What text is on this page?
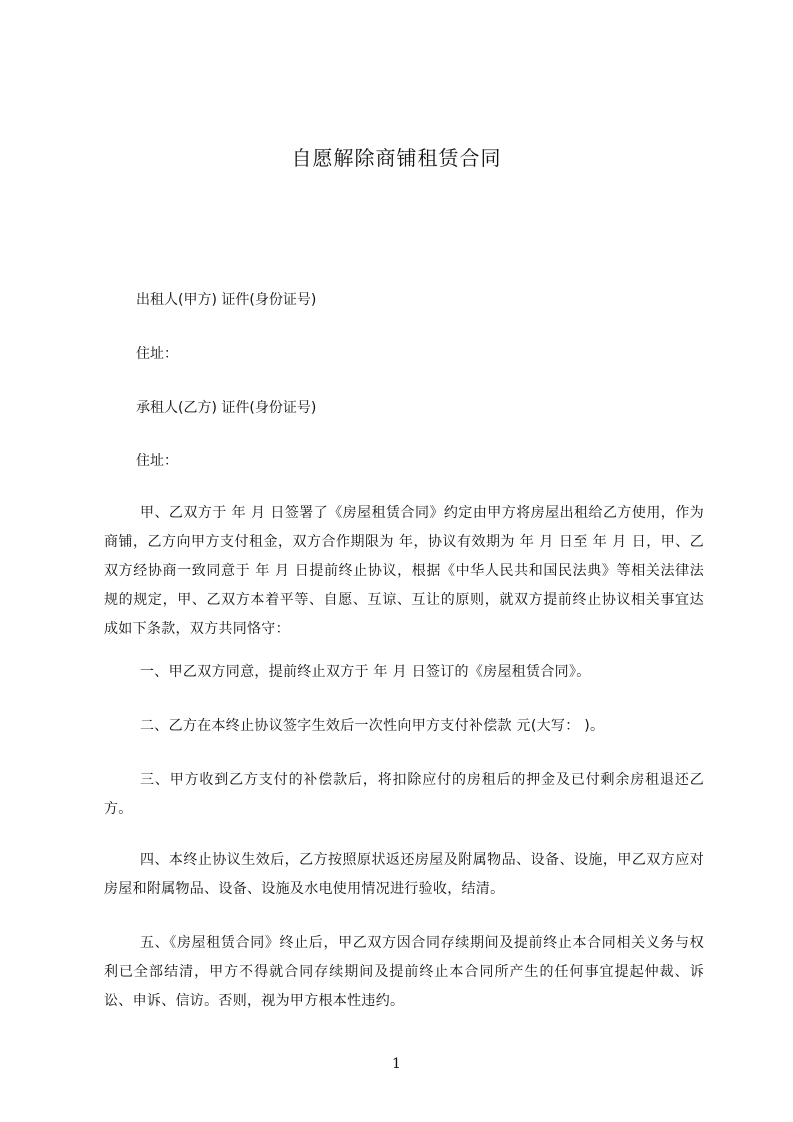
自愿解除商铺租赁合同
出租人(甲方) 证件(身份证号)
住址：
承租人(乙方) 证件(身份证号)
住址：
甲、乙双方于 年 月 日签署了《房屋租赁合同》约定由甲方将房屋出租给乙方使用，作为商铺，乙方向甲方支付租金，双方合作期限为 年，协议有效期为 年 月 日至 年 月 日，甲、乙双方经协商一致同意于 年 月 日提前终止协议，根据《中华人民共和国民法典》等相关法律法规的规定，甲、乙双方本着平等、自愿、互谅、互让的原则，就双方提前终止协议相关事宜达成如下条款，双方共同恪守：
一、甲乙双方同意，提前终止双方于 年 月 日签订的《房屋租赁合同》。
二、乙方在本终止协议签字生效后一次性向甲方支付补偿款 元(大写： )。
三、甲方收到乙方支付的补偿款后，将扣除应付的房租后的押金及已付剩余房租退还乙方。
四、本终止协议生效后，乙方按照原状返还房屋及附属物品、设备、设施，甲乙双方应对房屋和附属物品、设备、设施及水电使用情况进行验收，结清。
五、《房屋租赁合同》终止后，甲乙双方因合同存续期间及提前终止本合同相关义务与权利已全部结清，甲方不得就合同存续期间及提前终止本合同所产生的任何事宜提起仲裁、诉讼、申诉、信访。否则，视为甲方根本性违约。
1
